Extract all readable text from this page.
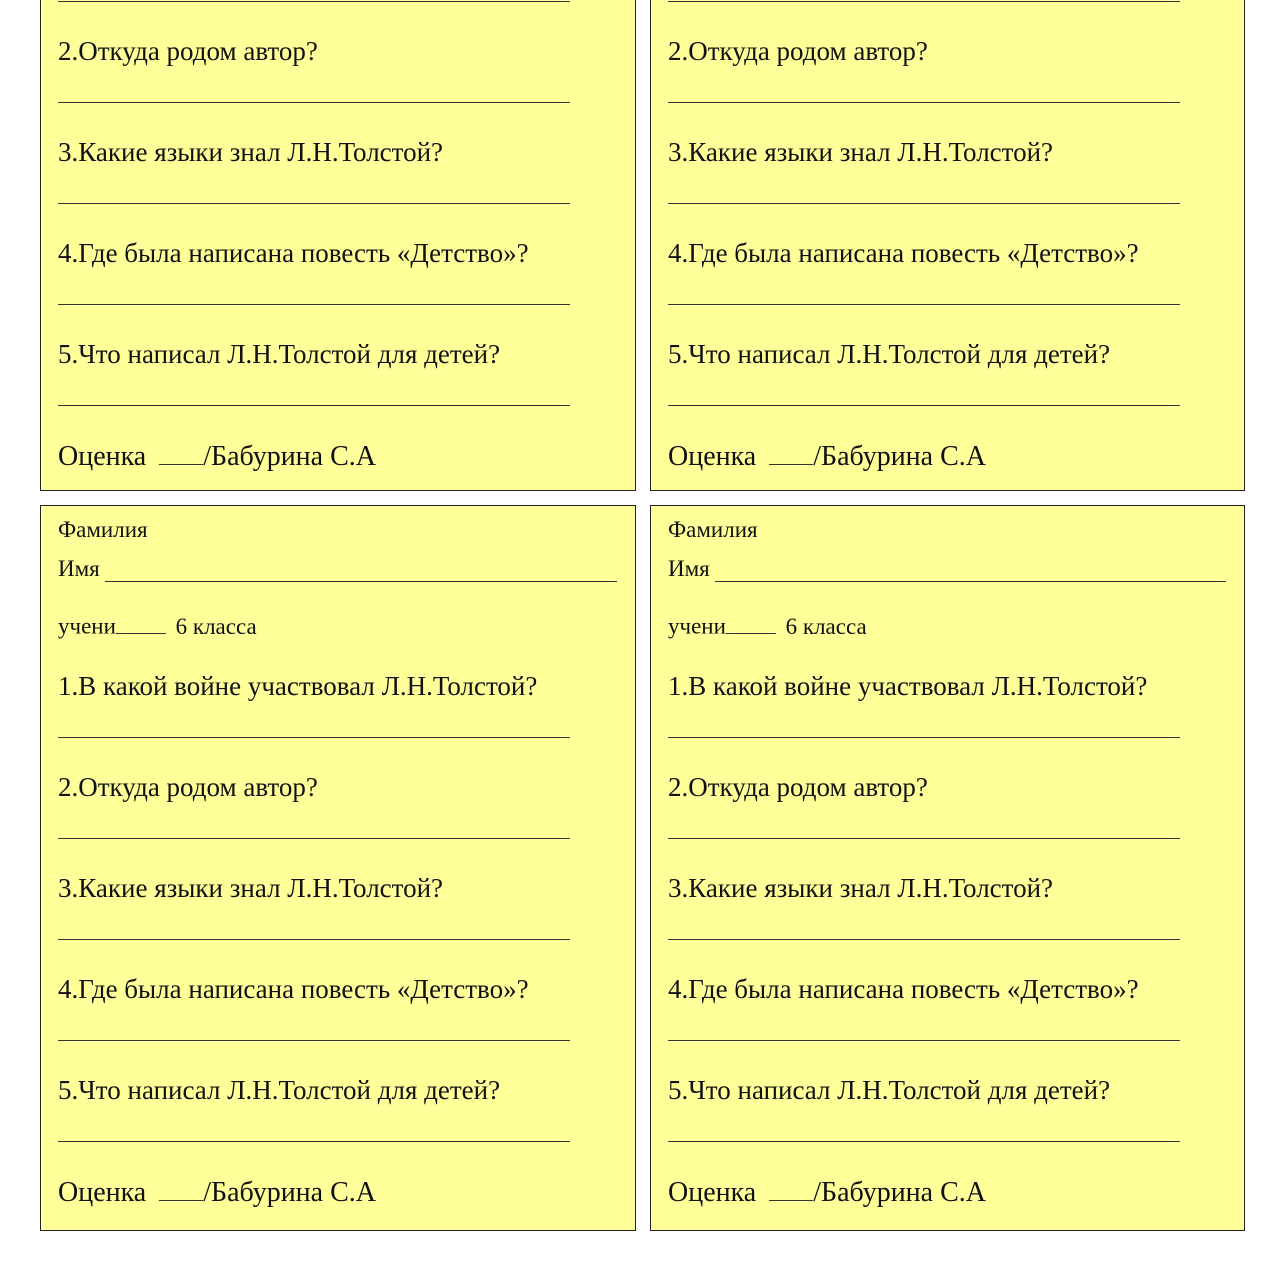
2.Откуда родом автор?
3.Какие языки знал Л.Н.Толстой?
4.Где была написана повесть «Детство»?
5.Что написал Л.Н.Толстой для детей?
Оценка /Бабурина С.А
2.Откуда родом автор?
3.Какие языки знал Л.Н.Толстой?
4.Где была написана повесть «Детство»?
5.Что написал Л.Н.Толстой для детей?
Оценка /Бабурина С.А
Фамилия
Имя
учени	6 класса
1.В какой войне участвовал Л.Н.Толстой?
2.Откуда родом автор?
3.Какие языки знал Л.Н.Толстой?
4.Где была написана повесть «Детство»?
5.Что написал Л.Н.Толстой для детей?
Оценка /Бабурина С.А
Фамилия
Имя
учени	6 класса
1.В какой войне участвовал Л.Н.Толстой?
2.Откуда родом автор?
3.Какие языки знал Л.Н.Толстой?
4.Где была написана повесть «Детство»?
5.Что написал Л.Н.Толстой для детей?
Оценка /Бабурина С.А
